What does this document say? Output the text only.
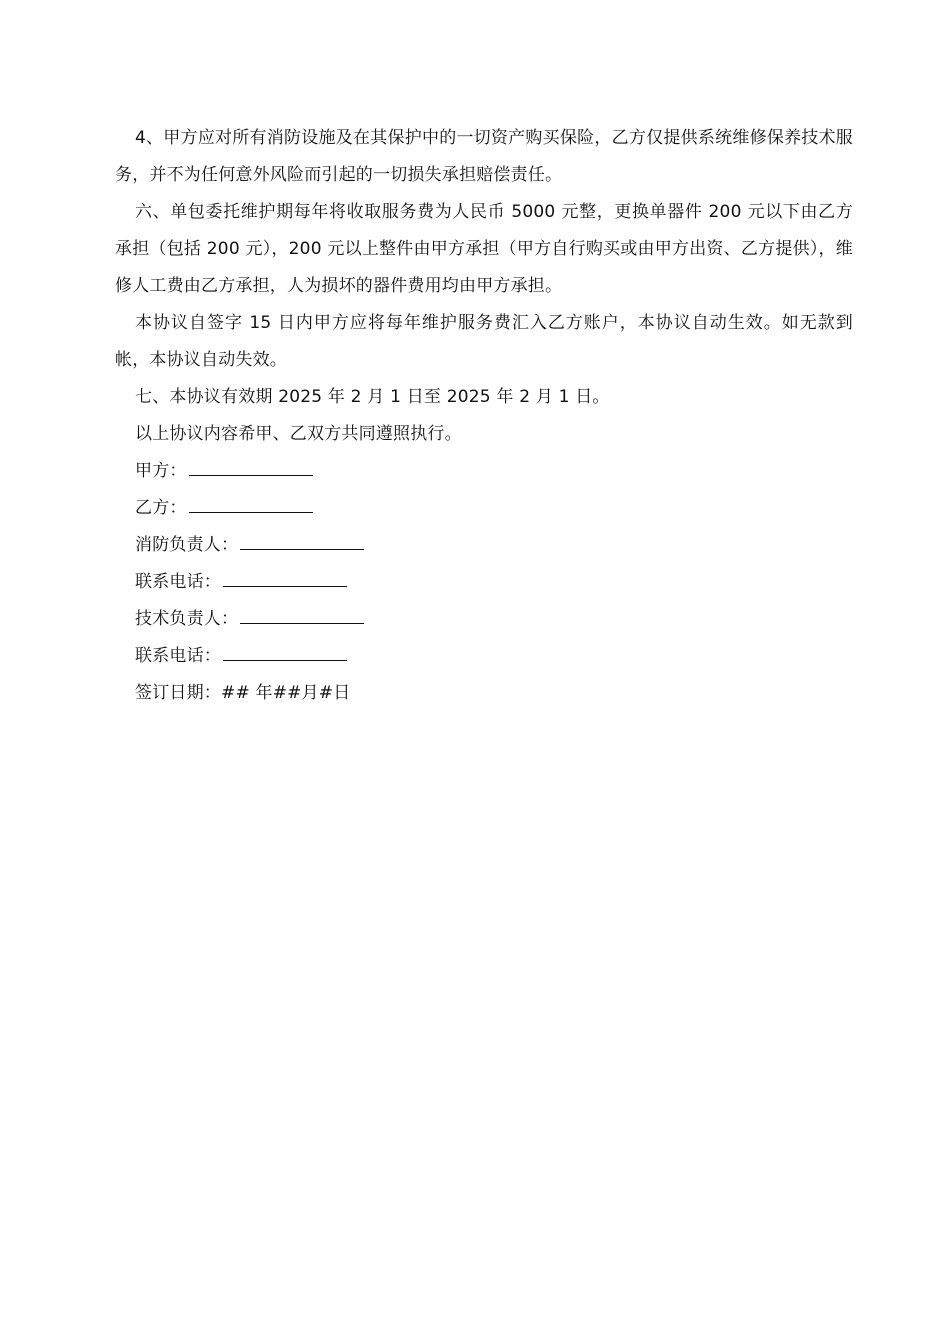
4、甲方应对所有消防设施及在其保护中的一切资产购买保险，乙方仅提供系统维修保养技术服务，并不为任何意外风险而引起的一切损失承担赔偿责任。

六、单包委托维护期每年将收取服务费为人民币 5000 元整，更换单器件 200 元以下由乙方承担（包括 200 元），200 元以上整件由甲方承担（甲方自行购买或由甲方出资、乙方提供），维修人工费由乙方承担，人为损坏的器件费用均由甲方承担。

本协议自签字 15 日内甲方应将每年维护服务费汇入乙方账户，本协议自动生效。如无款到帐，本协议自动失效。

七、本协议有效期 2025 年 2 月 1 日至 2025 年 2 月 1 日。

以上协议内容希甲、乙双方共同遵照执行。

甲方：

乙方：

消防负责人：

联系电话：

技术负责人：

联系电话：

签订日期：## 年##月#日
